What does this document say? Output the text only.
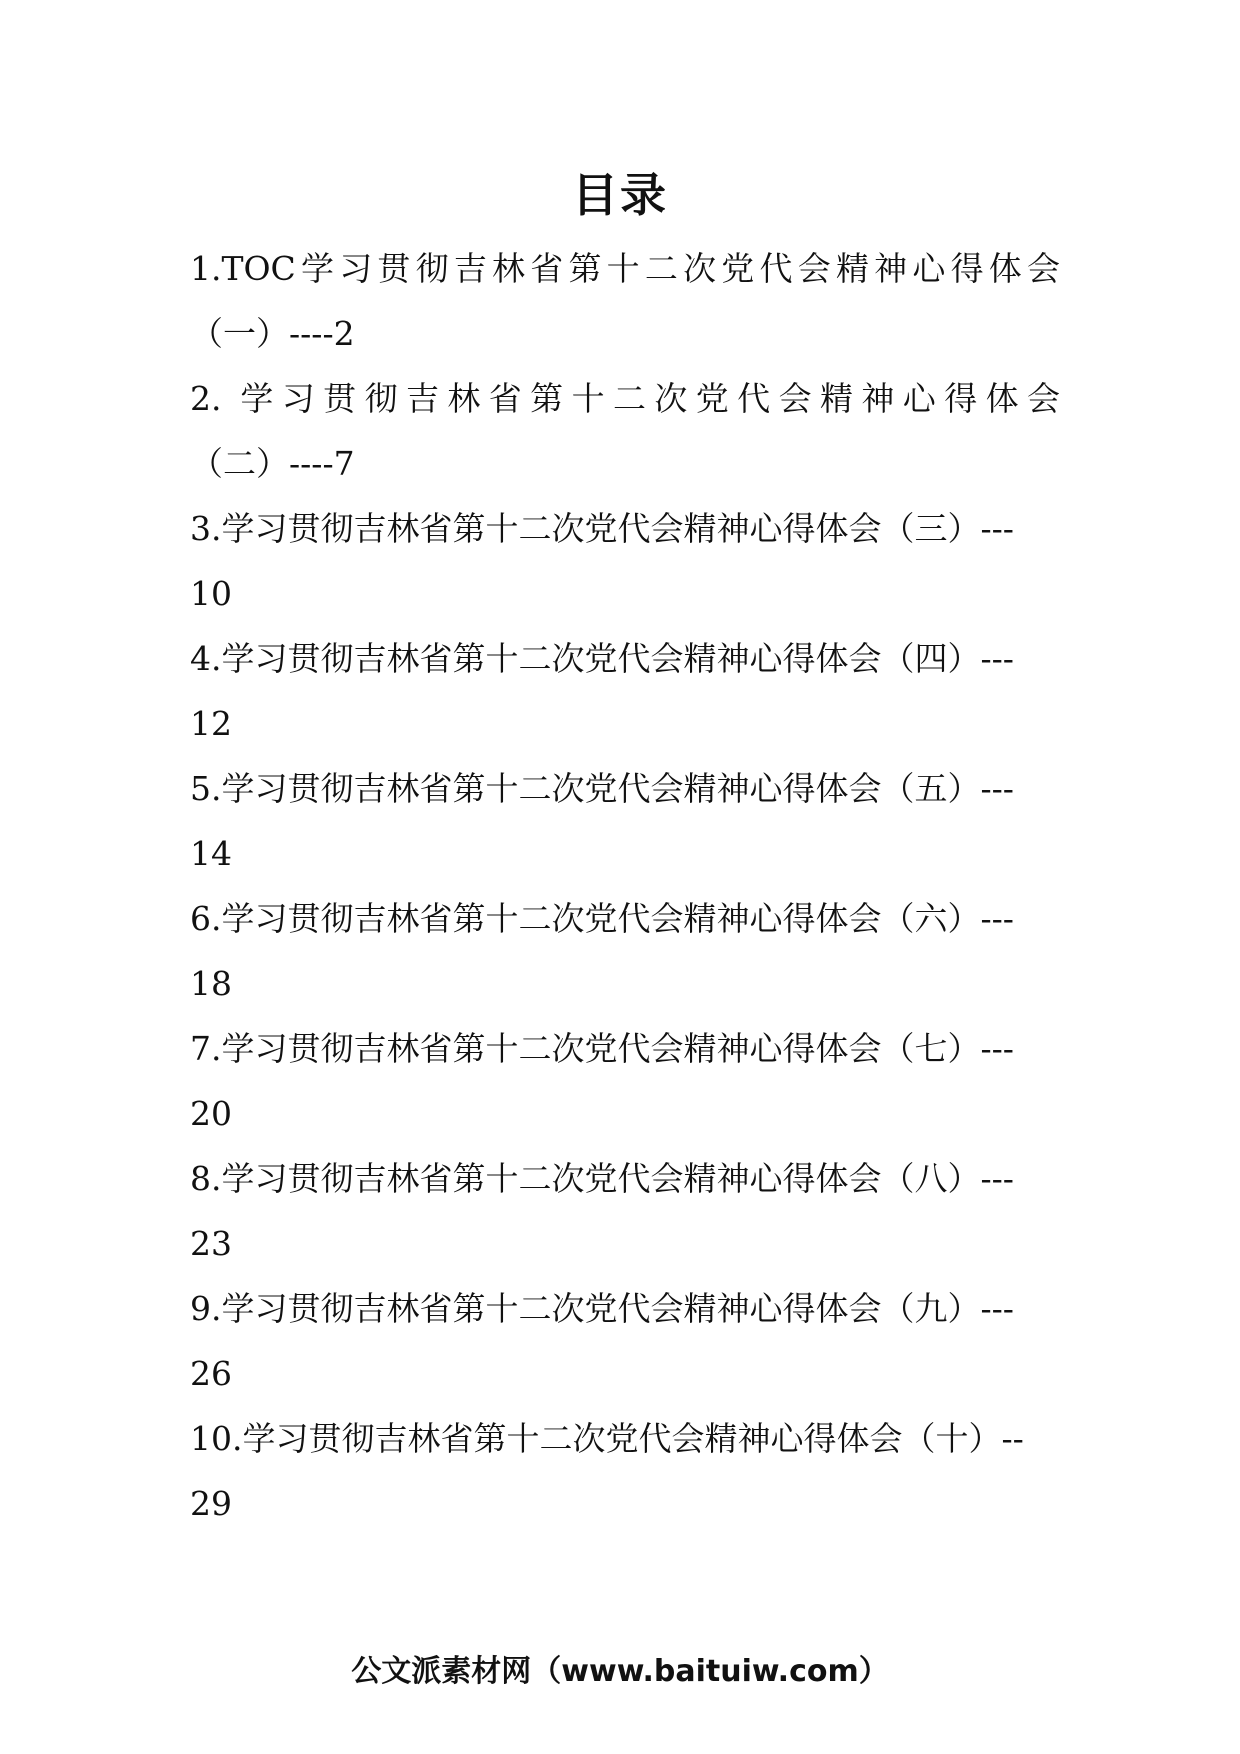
目录
1.TOC学习贯彻吉林省第十二次党代会精神心得体会
（一）----2
2. 学习贯彻吉林省第十二次党代会精神心得体会
（二）----7
3.学习贯彻吉林省第十二次党代会精神心得体会（三）---
10
4.学习贯彻吉林省第十二次党代会精神心得体会（四）---
12
5.学习贯彻吉林省第十二次党代会精神心得体会（五）---
14
6.学习贯彻吉林省第十二次党代会精神心得体会（六）---
18
7.学习贯彻吉林省第十二次党代会精神心得体会（七）---
20
8.学习贯彻吉林省第十二次党代会精神心得体会（八）---
23
9.学习贯彻吉林省第十二次党代会精神心得体会（九）---
26
10.学习贯彻吉林省第十二次党代会精神心得体会（十）--
29
公文派素材网（www.baituiw.com）
